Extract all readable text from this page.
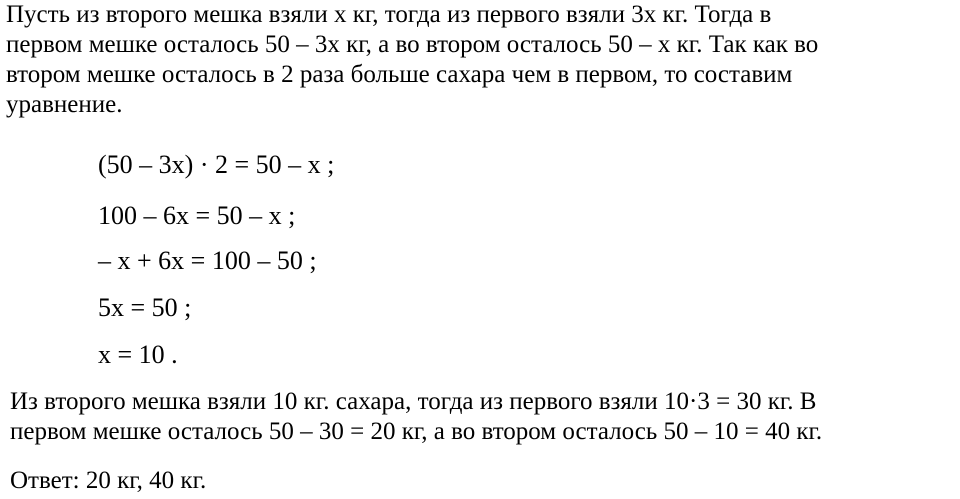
Пусть из второго мешка взяли x кг, тогда из первого взяли 3x кг. Тогда в
первом мешке осталось 50 – 3x кг, а во втором осталось 50 – x кг. Так как во
втором мешке осталось в 2 раза больше сахара чем в первом, то составим
уравнение.
(50 – 3x) · 2 = 50 – x ;
100 – 6x = 50 – x ;
– x + 6x = 100 – 50 ;
5x = 50 ;
x = 10 .
Из второго мешка взяли 10 кг. сахара, тогда из первого взяли 10·3 = 30 кг. В
первом мешке осталось 50 – 30 = 20 кг, а во втором осталось 50 – 10 = 40 кг.
Ответ: 20 кг, 40 кг.
